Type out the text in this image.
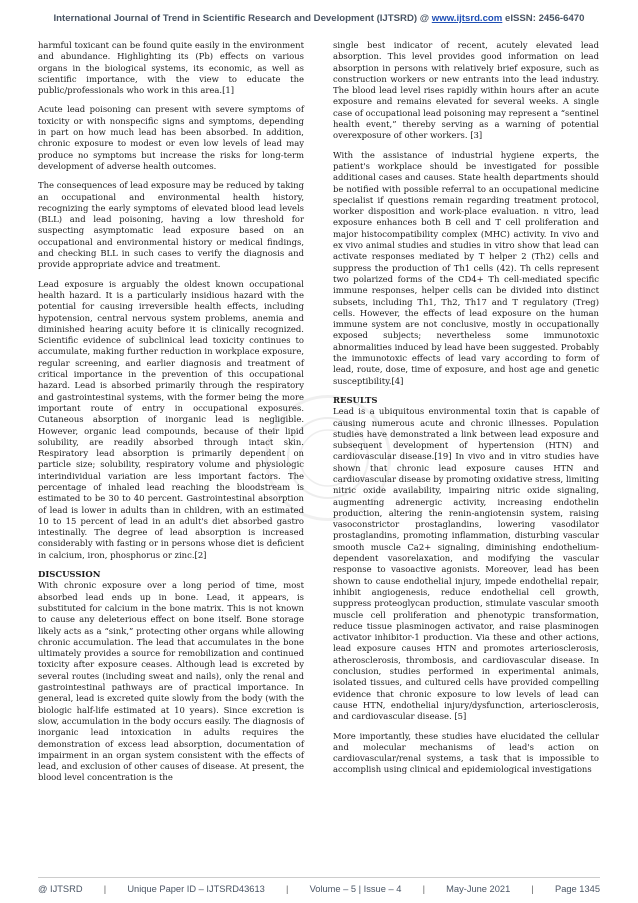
International Journal of Trend in Scientific Research and Development (IJTSRD) @ www.ijtsrd.com eISSN: 2456-6470

harmful toxicant can be found quite easily in the environment and abundance. Highlighting its (Pb) effects on various organs in the biological systems, its economic, as well as scientific importance, with the view to educate the public/professionals who work in this area.[1]

Acute lead poisoning can present with severe symptoms of toxicity or with nonspecific signs and symptoms, depending in part on how much lead has been absorbed. In addition, chronic exposure to modest or even low levels of lead may produce no symptoms but increase the risks for long-term development of adverse health outcomes.

The consequences of lead exposure may be reduced by taking an occupational and environmental health history, recognizing the early symptoms of elevated blood lead levels (BLL) and lead poisoning, having a low threshold for suspecting asymptomatic lead exposure based on an occupational and environmental history or medical findings, and checking BLL in such cases to verify the diagnosis and provide appropriate advice and treatment.

Lead exposure is arguably the oldest known occupational health hazard. It is a particularly insidious hazard with the potential for causing irreversible health effects, including hypotension, central nervous system problems, anemia and diminished hearing acuity before it is clinically recognized. Scientific evidence of subclinical lead toxicity continues to accumulate, making further reduction in workplace exposure, regular screening, and earlier diagnosis and treatment of critical importance in the prevention of this occupational hazard. Lead is absorbed primarily through the respiratory and gastrointestinal systems, with the former being the more important route of entry in occupational exposures. Cutaneous absorption of inorganic lead is negligible. However, organic lead compounds, because of their lipid solubility, are readily absorbed through intact skin. Respiratory lead absorption is primarily dependent on particle size; solubility, respiratory volume and physiologic interindividual variation are less important factors. The percentage of inhaled lead reaching the bloodstream is estimated to be 30 to 40 percent. Gastrointestinal absorption of lead is lower in adults than in children, with an estimated 10 to 15 percent of lead in an adult's diet absorbed gastro intestinally. The degree of lead absorption is increased considerably with fasting or in persons whose diet is deficient in calcium, iron, phosphorus or zinc.[2]

DISCUSSION

With chronic exposure over a long period of time, most absorbed lead ends up in bone. Lead, it appears, is substituted for calcium in the bone matrix. This is not known to cause any deleterious effect on bone itself. Bone storage likely acts as a “sink,” protecting other organs while allowing chronic accumulation. The lead that accumulates in the bone ultimately provides a source for remobilization and continued toxicity after exposure ceases. Although lead is excreted by several routes (including sweat and nails), only the renal and gastrointestinal pathways are of practical importance. In general, lead is excreted quite slowly from the body (with the biologic half-life estimated at 10 years). Since excretion is slow, accumulation in the body occurs easily. The diagnosis of inorganic lead intoxication in adults requires the demonstration of excess lead absorption, documentation of impairment in an organ system consistent with the effects of lead, and exclusion of other causes of disease. At present, the blood level concentration is the

single best indicator of recent, acutely elevated lead absorption. This level provides good information on lead absorption in persons with relatively brief exposure, such as construction workers or new entrants into the lead industry. The blood lead level rises rapidly within hours after an acute exposure and remains elevated for several weeks. A single case of occupational lead poisoning may represent a “sentinel health event,” thereby serving as a warning of potential overexposure of other workers. [3]

With the assistance of industrial hygiene experts, the patient's workplace should be investigated for possible additional cases and causes. State health departments should be notified with possible referral to an occupational medicine specialist if questions remain regarding treatment protocol, worker disposition and work-place evaluation. n vitro, lead exposure enhances both B cell and T cell proliferation and major histocompatibility complex (MHC) activity. In vivo and ex vivo animal studies and studies in vitro show that lead can activate responses mediated by T helper 2 (Th2) cells and suppress the production of Th1 cells (42). Th cells represent two polarized forms of the CD4+ Th cell-mediated specific immune responses, helper cells can be divided into distinct subsets, including Th1, Th2, Th17 and T regulatory (Treg) cells. However, the effects of lead exposure on the human immune system are not conclusive, mostly in occupationally exposed subjects; nevertheless some immunotoxic abnormalities induced by lead have been suggested. Probably the immunotoxic effects of lead vary according to form of lead, route, dose, time of exposure, and host age and genetic susceptibility.[4]

RESULTS

Lead is a ubiquitous environmental toxin that is capable of causing numerous acute and chronic illnesses. Population studies have demonstrated a link between lead exposure and subsequent development of hypertension (HTN) and cardiovascular disease.[19] In vivo and in vitro studies have shown that chronic lead exposure causes HTN and cardiovascular disease by promoting oxidative stress, limiting nitric oxide availability, impairing nitric oxide signaling, augmenting adrenergic activity, increasing endothelin production, altering the renin-angiotensin system, raising vasoconstrictor prostaglandins, lowering vasodilator prostaglandins, promoting inflammation, disturbing vascular smooth muscle Ca2+ signaling, diminishing endothelium-dependent vasorelaxation, and modifying the vascular response to vasoactive agonists. Moreover, lead has been shown to cause endothelial injury, impede endothelial repair, inhibit angiogenesis, reduce endothelial cell growth, suppress proteoglycan production, stimulate vascular smooth muscle cell proliferation and phenotypic transformation, reduce tissue plasminogen activator, and raise plasminogen activator inhibitor-1 production. Via these and other actions, lead exposure causes HTN and promotes arteriosclerosis, atherosclerosis, thrombosis, and cardiovascular disease. In conclusion, studies performed in experimental animals, isolated tissues, and cultured cells have provided compelling evidence that chronic exposure to low levels of lead can cause HTN, endothelial injury/dysfunction, arteriosclerosis, and cardiovascular disease. [5]

More importantly, these studies have elucidated the cellular and molecular mechanisms of lead's action on cardiovascular/renal systems, a task that is impossible to accomplish using clinical and epidemiological investigations

@ IJTSRD | Unique Paper ID – IJTSRD43613 | Volume – 5 | Issue – 4 | May-June 2021 | Page 1345
